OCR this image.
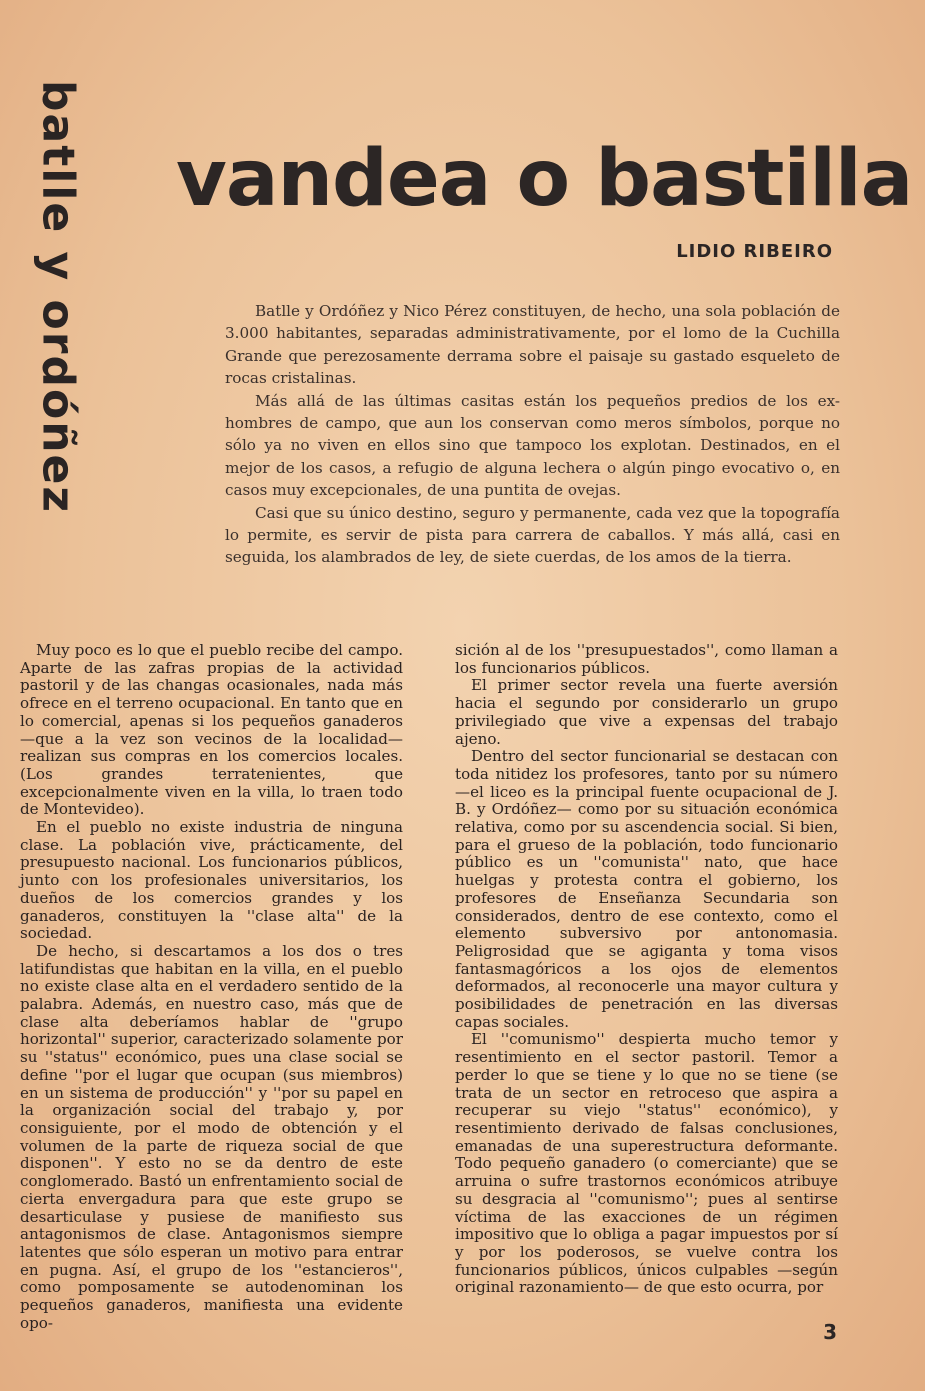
batlle y ordóñez vandea o bastilla
LIDIO RIBEIRO

Batlle y Ordóñez y Nico Pérez constituyen, de hecho, una sola población de 3.000 habitantes, separadas administrativamente, por el lomo de la Cuchilla Grande que perezosamente derrama sobre el paisaje su gastado esqueleto de rocas cristalinas.

Más allá de las últimas casitas están los pequeños predios de los ex-hombres de campo, que aun los conservan como meros símbolos, porque no sólo ya no viven en ellos sino que tampoco los explotan. Destinados, en el mejor de los casos, a refugio de alguna lechera o algún pingo evocativo o, en casos muy excepcionales, de una puntita de ovejas.

Casi que su único destino, seguro y permanente, cada vez que la topografía lo permite, es servir de pista para carrera de caballos. Y más allá, casi en seguida, los alambrados de ley, de siete cuerdas, de los amos de la tierra.

Muy poco es lo que el pueblo recibe del campo. Aparte de las zafras propias de la actividad pastoril y de las changas ocasionales, nada más ofrece en el terreno ocupacional. En tanto que en lo comercial, apenas si los pequeños ganaderos —que a la vez son vecinos de la localidad— realizan sus compras en los comercios locales. (Los grandes terratenientes, que excepcionalmente viven en la villa, lo traen todo de Montevideo).

En el pueblo no existe industria de ninguna clase. La población vive, prácticamente, del presupuesto nacional. Los funcionarios públicos, junto con los profesionales universitarios, los dueños de los comercios grandes y los ganaderos, constituyen la ''clase alta'' de la sociedad.

De hecho, si descartamos a los dos o tres latifundistas que habitan en la villa, en el pueblo no existe clase alta en el verdadero sentido de la palabra. Además, en nuestro caso, más que de clase alta deberíamos hablar de ''grupo horizontal'' superior, caracterizado solamente por su ''status'' económico, pues una clase social se define ''por el lugar que ocupan (sus miembros) en un sistema de producción'' y ''por su papel en la organización social del trabajo y, por consiguiente, por el modo de obtención y el volumen de la parte de riqueza social de que disponen''. Y esto no se da dentro de este conglomerado. Bastó un enfrentamiento social de cierta envergadura para que este grupo se desarticulase y pusiese de manifiesto sus antagonismos de clase. Antagonismos siempre latentes que sólo esperan un motivo para entrar en pugna. Así, el grupo de los ''estancieros'', como pomposamente se autodenominan los pequeños ganaderos, manifiesta una evidente opo-

sición al de los ''presupuestados'', como llaman a los funcionarios públicos.

El primer sector revela una fuerte aversión hacia el segundo por considerarlo un grupo privilegiado que vive a expensas del trabajo ajeno.

Dentro del sector funcionarial se destacan con toda nitidez los profesores, tanto por su número —el liceo es la principal fuente ocupacional de J. B. y Ordóñez— como por su situación económica relativa, como por su ascendencia social. Si bien, para el grueso de la población, todo funcionario público es un ''comunista'' nato, que hace huelgas y protesta contra el gobierno, los profesores de Enseñanza Secundaria son considerados, dentro de ese contexto, como el elemento subversivo por antonomasia. Peligrosidad que se agiganta y toma visos fantasmagóricos a los ojos de elementos deformados, al reconocerle una mayor cultura y posibilidades de penetración en las diversas capas sociales.

El ''comunismo'' despierta mucho temor y resentimiento en el sector pastoril. Temor a perder lo que se tiene y lo que no se tiene (se trata de un sector en retroceso que aspira a recuperar su viejo ''status'' económico), y resentimiento derivado de falsas conclusiones, emanadas de una superestructura deformante. Todo pequeño ganadero (o comerciante) que se arruina o sufre trastornos económicos atribuye su desgracia al ''comunismo''; pues al sentirse víctima de las exacciones de un régimen impositivo que lo obliga a pagar impuestos por sí y por los poderosos, se vuelve contra los funcionarios públicos, únicos culpables —según original razonamiento— de que esto ocurra, por

3
